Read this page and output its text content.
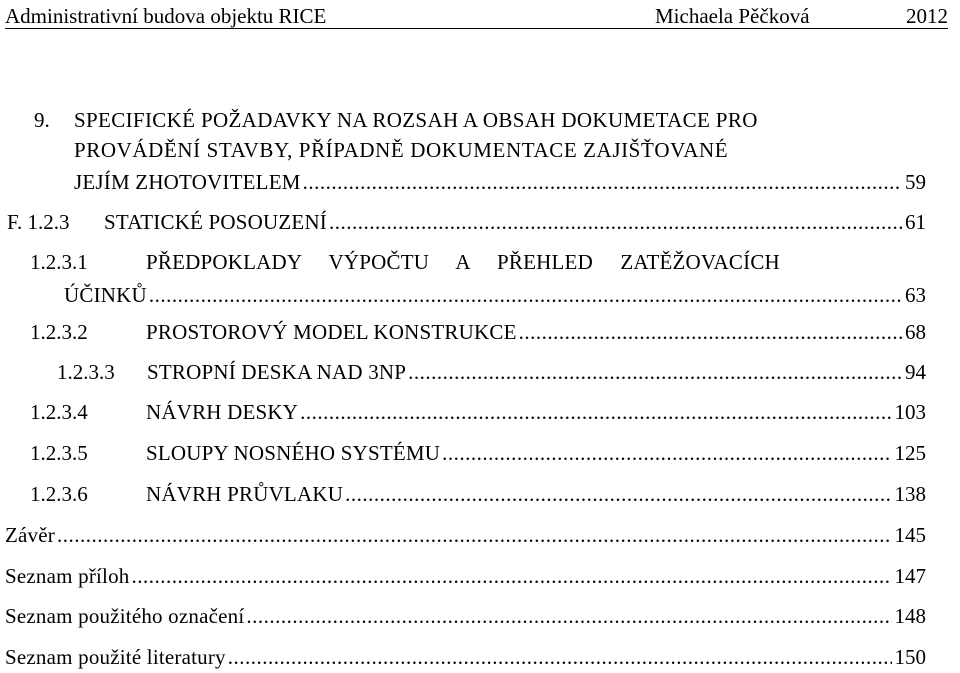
Administrativní budova objektu RICE	Michaela Pěčková	2012
9. SPECIFICKÉ POŽADAVKY NA ROZSAH A OBSAH DOKUMETACE PRO
PROVÁDĚNÍ STAVBY, PŘÍPADNĚ DOKUMENTACE ZAJIŠŤOVANÉ
JEJÍM ZHOTOVITELEM .....	59
F. 1.2.3	STATICKÉ POSOUZENÍ .....	61
1.2.3.1	PŘEDPOKLADY VÝPOČTU A PŘEHLED ZATĚŽOVACÍCH
ÚČINKŮ .....	63
1.2.3.2	PROSTOROVÝ MODEL KONSTRUKCE .....	68
1.2.3.3	STROPNÍ DESKA NAD 3NP .....	94
1.2.3.4	NÁVRH DESKY .....	103
1.2.3.5	SLOUPY NOSNÉHO SYSTÉMU .....	125
1.2.3.6	NÁVRH PRŮVLAKU .....	138
Závěr .....	145
Seznam příloh .....	147
Seznam použitého označení .....	148
Seznam použité literatury .....	150
